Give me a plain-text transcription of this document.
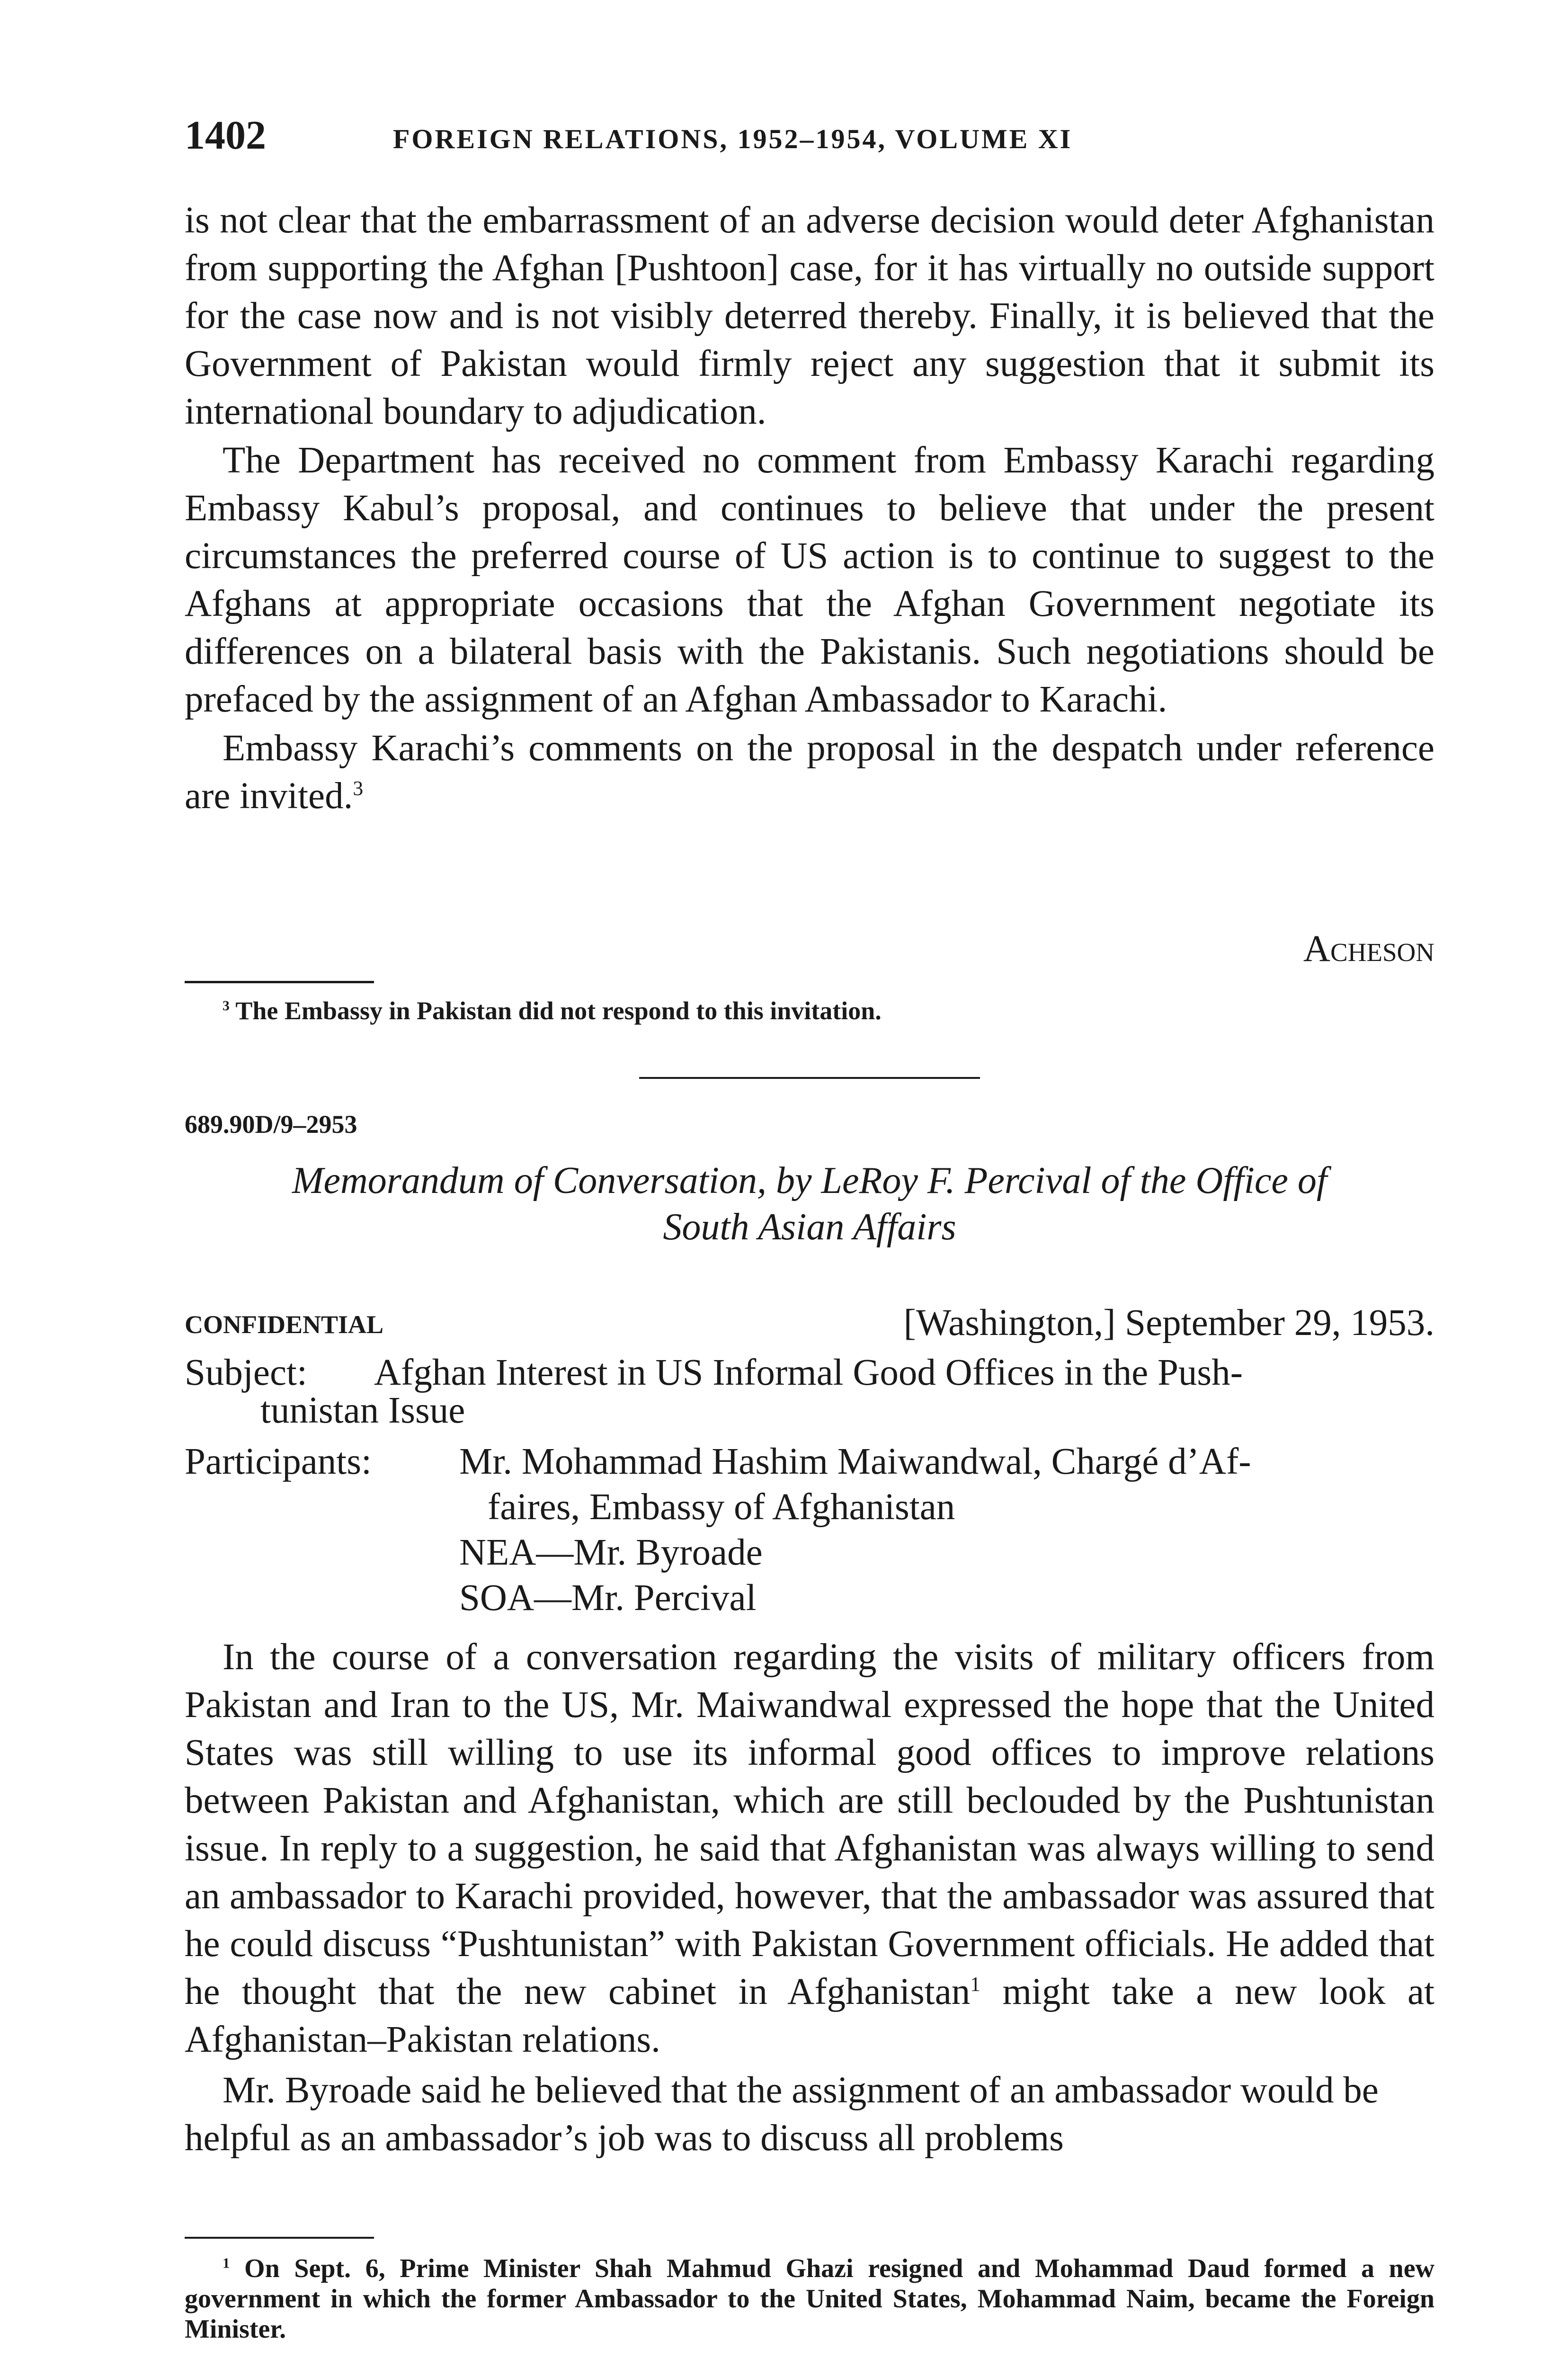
1402	FOREIGN RELATIONS, 1952–1954, VOLUME XI

is not clear that the embarrassment of an adverse decision would deter Afghanistan from supporting the Afghan [Pushtoon] case, for it has virtually no outside support for the case now and is not visibly deterred thereby. Finally, it is believed that the Government of Pakistan would firmly reject any suggestion that it submit its international boundary to adjudication.

The Department has received no comment from Embassy Karachi regarding Embassy Kabul’s proposal, and continues to believe that under the present circumstances the preferred course of US action is to continue to suggest to the Afghans at appropriate occasions that the Afghan Government negotiate its differences on a bilateral basis with the Pakistanis. Such negotiations should be prefaced by the assignment of an Afghan Ambassador to Karachi.

Embassy Karachi’s comments on the proposal in the despatch under reference are invited.$^3$

Acheson
$^3$ The Embassy in Pakistan did not respond to this invitation.
689.90D/9–2953
Memorandum of Conversation, by LeRoy F. Percival of the Office of
South Asian Affairs
CONFIDENTIAL	[Washington,] September 29, 1953.
Subject: Afghan Interest in US Informal Good Offices in the Push-
tunistan Issue
Participants: Mr. Mohammad Hashim Maiwandwal, Chargé d’Af-
faires, Embassy of Afghanistan
NEA—Mr. Byroade
SOA—Mr. Percival

In the course of a conversation regarding the visits of military officers from Pakistan and Iran to the US, Mr. Maiwandwal expressed the hope that the United States was still willing to use its informal good offices to improve relations between Pakistan and Afghanistan, which are still beclouded by the Pushtunistan issue. In reply to a suggestion, he said that Afghanistan was always willing to send an ambassador to Karachi provided, however, that the ambassador was assured that he could discuss “Pushtunistan” with Pakistan Government officials. He added that he thought that the new cabinet in Afghanistan$^1$ might take a new look at Afghanistan–Pakistan relations.

Mr. Byroade said he believed that the assignment of an ambassador would be helpful as an ambassador’s job was to discuss all problems

$^1$ On Sept. 6, Prime Minister Shah Mahmud Ghazi resigned and Mohammad Daud formed a new government in which the former Ambassador to the United States, Mohammad Naim, became the Foreign Minister.
